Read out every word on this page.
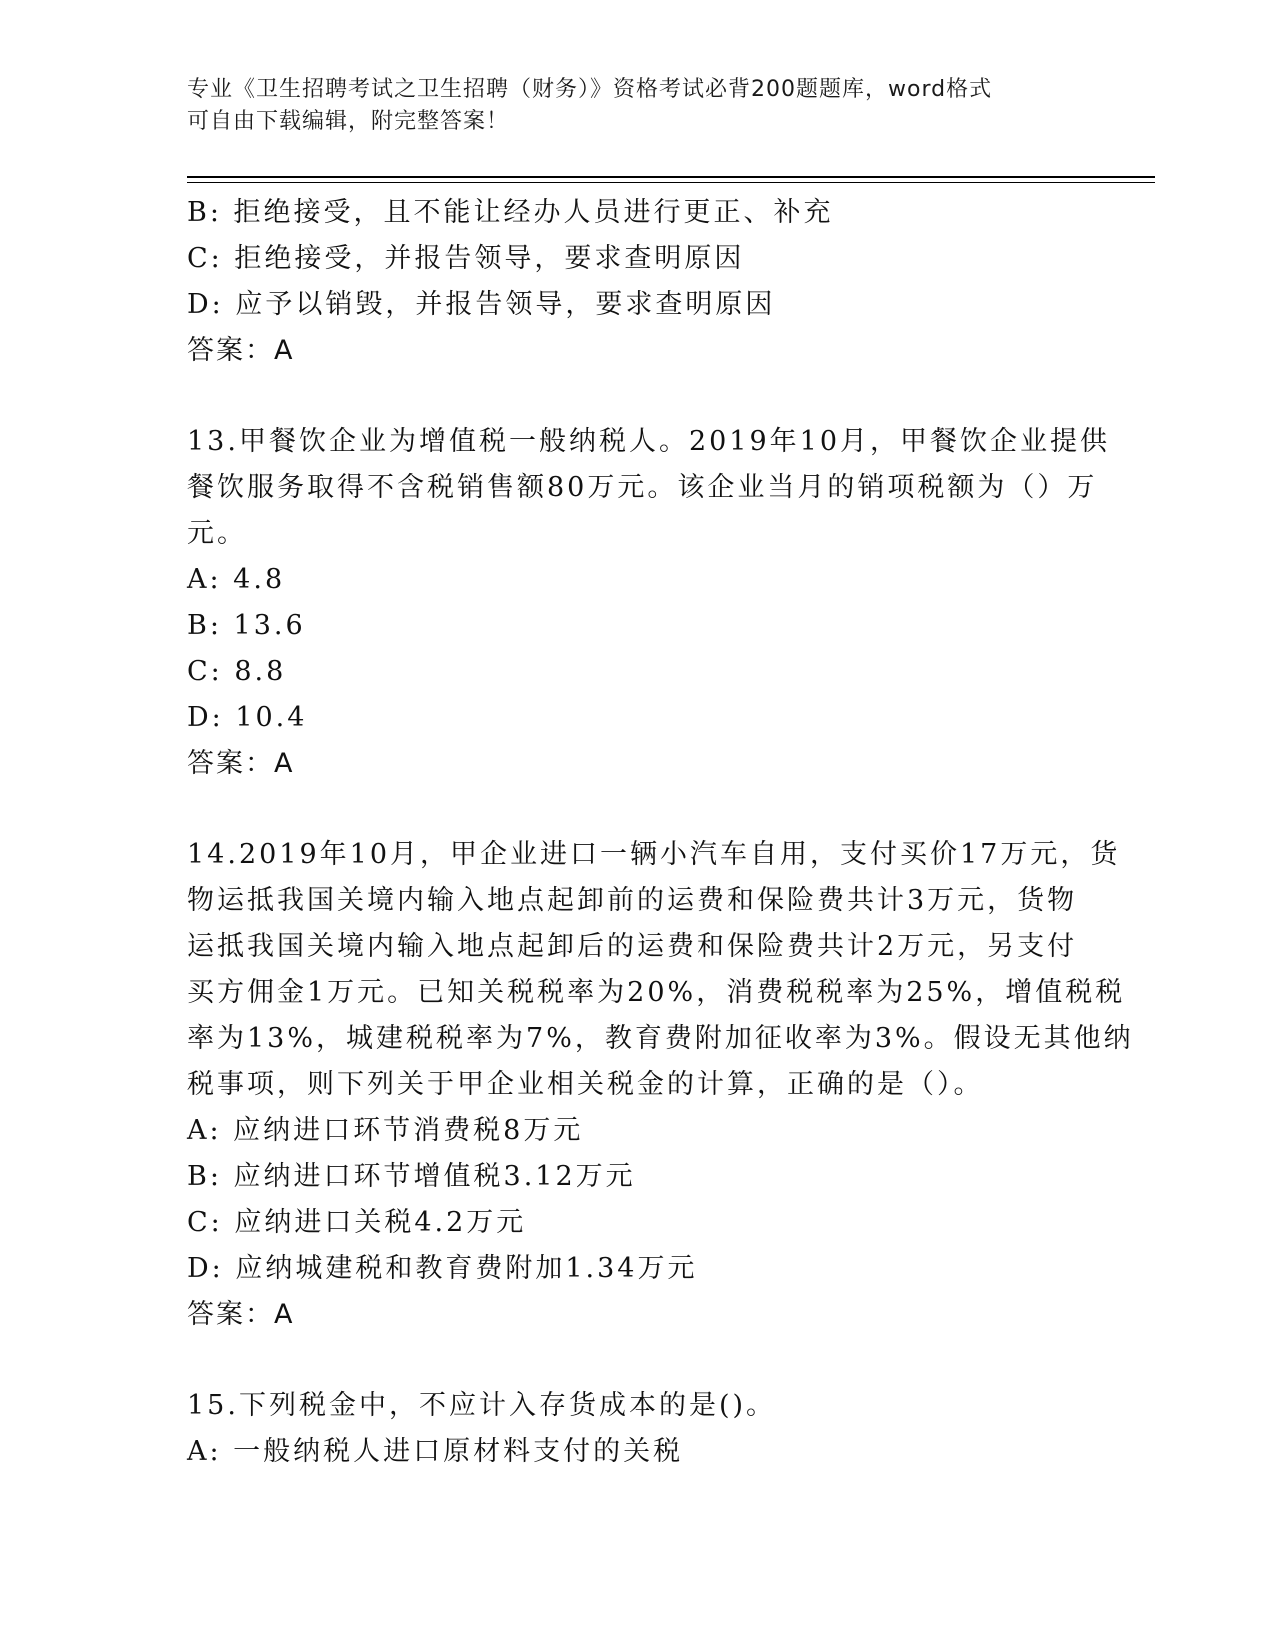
专业《卫生招聘考试之卫生招聘（财务）》资格考试必背200题题库，word格式
可自由下载编辑，附完整答案！
B: 拒绝接受，且不能让经办人员进行更正、补充
C: 拒绝接受，并报告领导，要求查明原因
D: 应予以销毁，并报告领导，要求查明原因
答案：A
13.甲餐饮企业为增值税一般纳税人。2019年10月，甲餐饮企业提供
餐饮服务取得不含税销售额80万元。该企业当月的销项税额为（）万
元。
A: 4.8
B: 13.6
C: 8.8
D: 10.4
答案：A
14.2019年10月，甲企业进口一辆小汽车自用，支付买价17万元，货
物运抵我国关境内输入地点起卸前的运费和保险费共计3万元，货物
运抵我国关境内输入地点起卸后的运费和保险费共计2万元，另支付
买方佣金1万元。已知关税税率为20%，消费税税率为25%，增值税税
率为13%，城建税税率为7%，教育费附加征收率为3%。假设无其他纳
税事项，则下列关于甲企业相关税金的计算，正确的是（）。
A: 应纳进口环节消费税8万元
B: 应纳进口环节增值税3.12万元
C: 应纳进口关税4.2万元
D: 应纳城建税和教育费附加1.34万元
答案：A
15.下列税金中，不应计入存货成本的是()。
A: 一般纳税人进口原材料支付的关税
